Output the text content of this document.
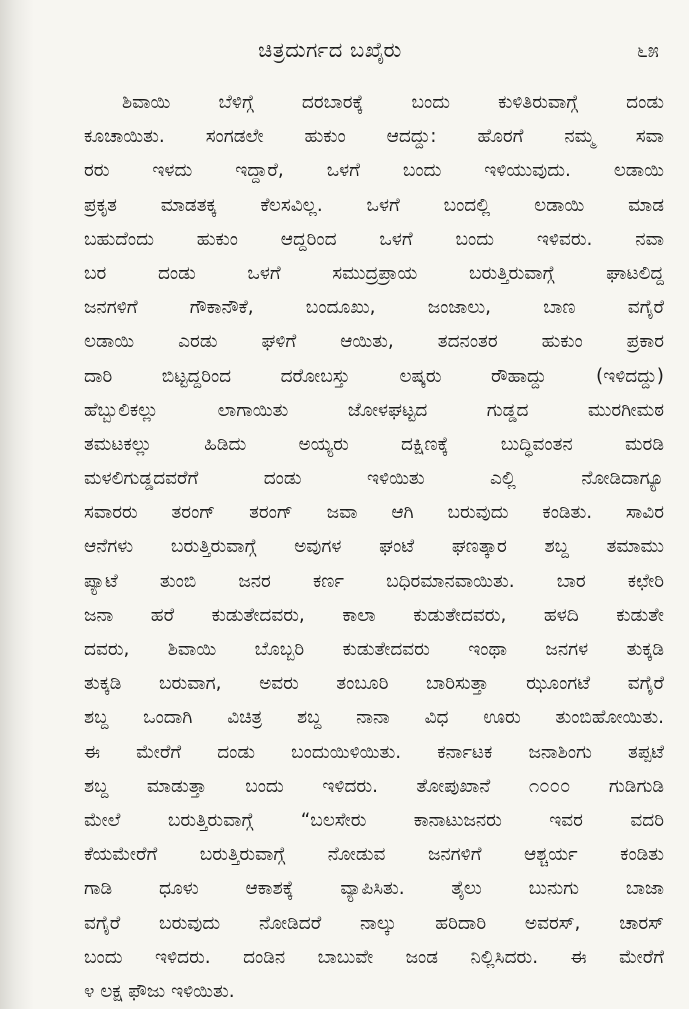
ಚಿತ್ರದುರ್ಗದ ಬಖೈರು	೬೫
ಶಿವಾಯಿ ಬೆಳಿಗ್ಗೆ ದರಬಾರಕ್ಕೆ ಬಂದು ಕುಳಿತಿರುವಾಗ್ಗೆ ದಂಡು
ಕೂಚಾಯಿತು. ಸಂಗಡಲೇ ಹುಕುಂ ಆದದ್ದು: ಹೊರಗೆ ನಮ್ಮ ಸವಾ
ರರು ಇಳದು ಇದ್ದಾರೆ, ಒಳಗೆ ಬಂದು ಇಳಿಯುವುದು. ಲಡಾಯಿ
ಪ್ರಕೃತ ಮಾಡತಕ್ಕ ಕೆಲಸವಿಲ್ಲ. ಒಳಗೆ ಬಂದಲ್ಲಿ ಲಡಾಯಿ ಮಾಡ
ಬಹುದೆಂದು ಹುಕುಂ ಆದ್ದರಿಂದ ಒಳಗೆ ಬಂದು ಇಳಿವರು. ನವಾ
ಬರ ದಂಡು ಒಳಗೆ ಸಮುದ್ರಪ್ರಾಯ ಬರುತ್ತಿರುವಾಗ್ಗೆ ಘಾಟಲಿದ್ದ
ಜನಗಳಿಗೆ ಗೌಕಾನೌಕೆ, ಬಂದೂಖು, ಜಂಜಾಲು, ಬಾಣ ವಗೈರೆ
ಲಡಾಯಿ ಎರಡು ಘಳಿಗೆ ಆಯಿತು, ತದನಂತರ ಹುಕುಂ ಪ್ರಕಾರ
ದಾರಿ ಬಿಟ್ಟದ್ದರಿಂದ ದರೋಬಸ್ತು ಲಷ್ಕರು ರೌಹಾದ್ದು (ಇಳಿದದ್ದು)
ಹೆಬ್ಬುಲಿಕಲ್ಲು ಲಾಗಾಯಿತು ಜೋಳಘಟ್ಟದ ಗುಡ್ಡದ ಮುರಗೀಮಠ
ತಮಟಕಲ್ಲು ಹಿಡಿದು ಅಯ್ಯರು ದಕ್ಷಿಣಕ್ಕೆ ಬುದ್ಧಿವಂತನ ಮರಡಿ
ಮಳಲಿಗುಡ್ಡದವರೆಗೆ ದಂಡು ಇಳಿಯಿತು ಎಲ್ಲಿ ನೋಡಿದಾಗ್ಯೂ
ಸವಾರರು ತರಂಗ್ ತರಂಗ್ ಜವಾ ಆಗಿ ಬರುವುದು ಕಂಡಿತು. ಸಾವಿರ
ಆನೆಗಳು ಬರುತ್ತಿರುವಾಗ್ಗೆ ಅವುಗಳ ಘಂಟೆ ಘಣತ್ಕಾರ ಶಬ್ದ ತಮಾಮು
ಪ್ಯಾಟೆ ತುಂಬಿ ಜನರ ಕರ್ಣ ಬಧಿರಮಾನವಾಯಿತು. ಬಾರ ಕಛೇರಿ
ಜನಾ ಹರೆ ಕುಡುತೇದವರು, ಕಾಲಾ ಕುಡುತೇದವರು, ಹಳದಿ ಕುಡುತೇ
ದವರು, ಶಿವಾಯಿ ಬೊಬ್ಬರಿ ಕುಡುತೇದವರು ಇಂಥಾ ಜನಗಳ ತುಕ್ಕಡಿ
ತುಕ್ಕಡಿ ಬರುವಾಗ, ಅವರು ತಂಬೂರಿ ಬಾರಿಸುತ್ತಾ ಝೂಂಗಟೆ ವಗೈರೆ
ಶಬ್ದ ಒಂದಾಗಿ ವಿಚಿತ್ರ ಶಬ್ದ ನಾನಾ ವಿಧ ಊರು ತುಂಬಿಹೋಯಿತು.
ಈ ಮೇರೆಗೆ ದಂಡು ಬಂದುಯಿಳಿಯಿತು. ಕರ್ನಾಟಕ ಜನಾಶಿಂಗು ತಪ್ಪಟೆ
ಶಬ್ದ ಮಾಡುತ್ತಾ ಬಂದು ಇಳಿದರು. ತೋಪುಖಾನೆ ೧೦೦೦ ಗುಡಿಗುಡಿ
ಮೇಲೆ ಬರುತ್ತಿರುವಾಗ್ಗೆ “ಬಲಸೇರು ಕಾನಾಟುಜನರು ಇವರ ವದರಿ
ಕೆಯಮೇರೆಗೆ ಬರುತ್ತಿರುವಾಗ್ಗೆ ನೋಡುವ ಜನಗಳಿಗೆ ಆಶ್ಚರ್ಯ ಕಂಡಿತು
ಗಾಡಿ ಧೂಳು ಆಕಾಶಕ್ಕೆ ವ್ಯಾಪಿಸಿತು. ತೈಲು ಬುನುಗು ಬಾಜಾ
ವಗೈರೆ ಬರುವುದು ನೋಡಿದರೆ ನಾಲ್ಕು ಹರಿದಾರಿ ಅವರಸ್, ಚಾರಸ್
ಬಂದು ಇಳಿದರು. ದಂಡಿನ ಬಾಬುವೇ ಜಂಡ ನಿಲ್ಲಿಸಿದರು. ಈ ಮೇರೆಗೆ
೪ ಲಕ್ಷ ಫೌಜು ಇಳಿಯಿತು.
